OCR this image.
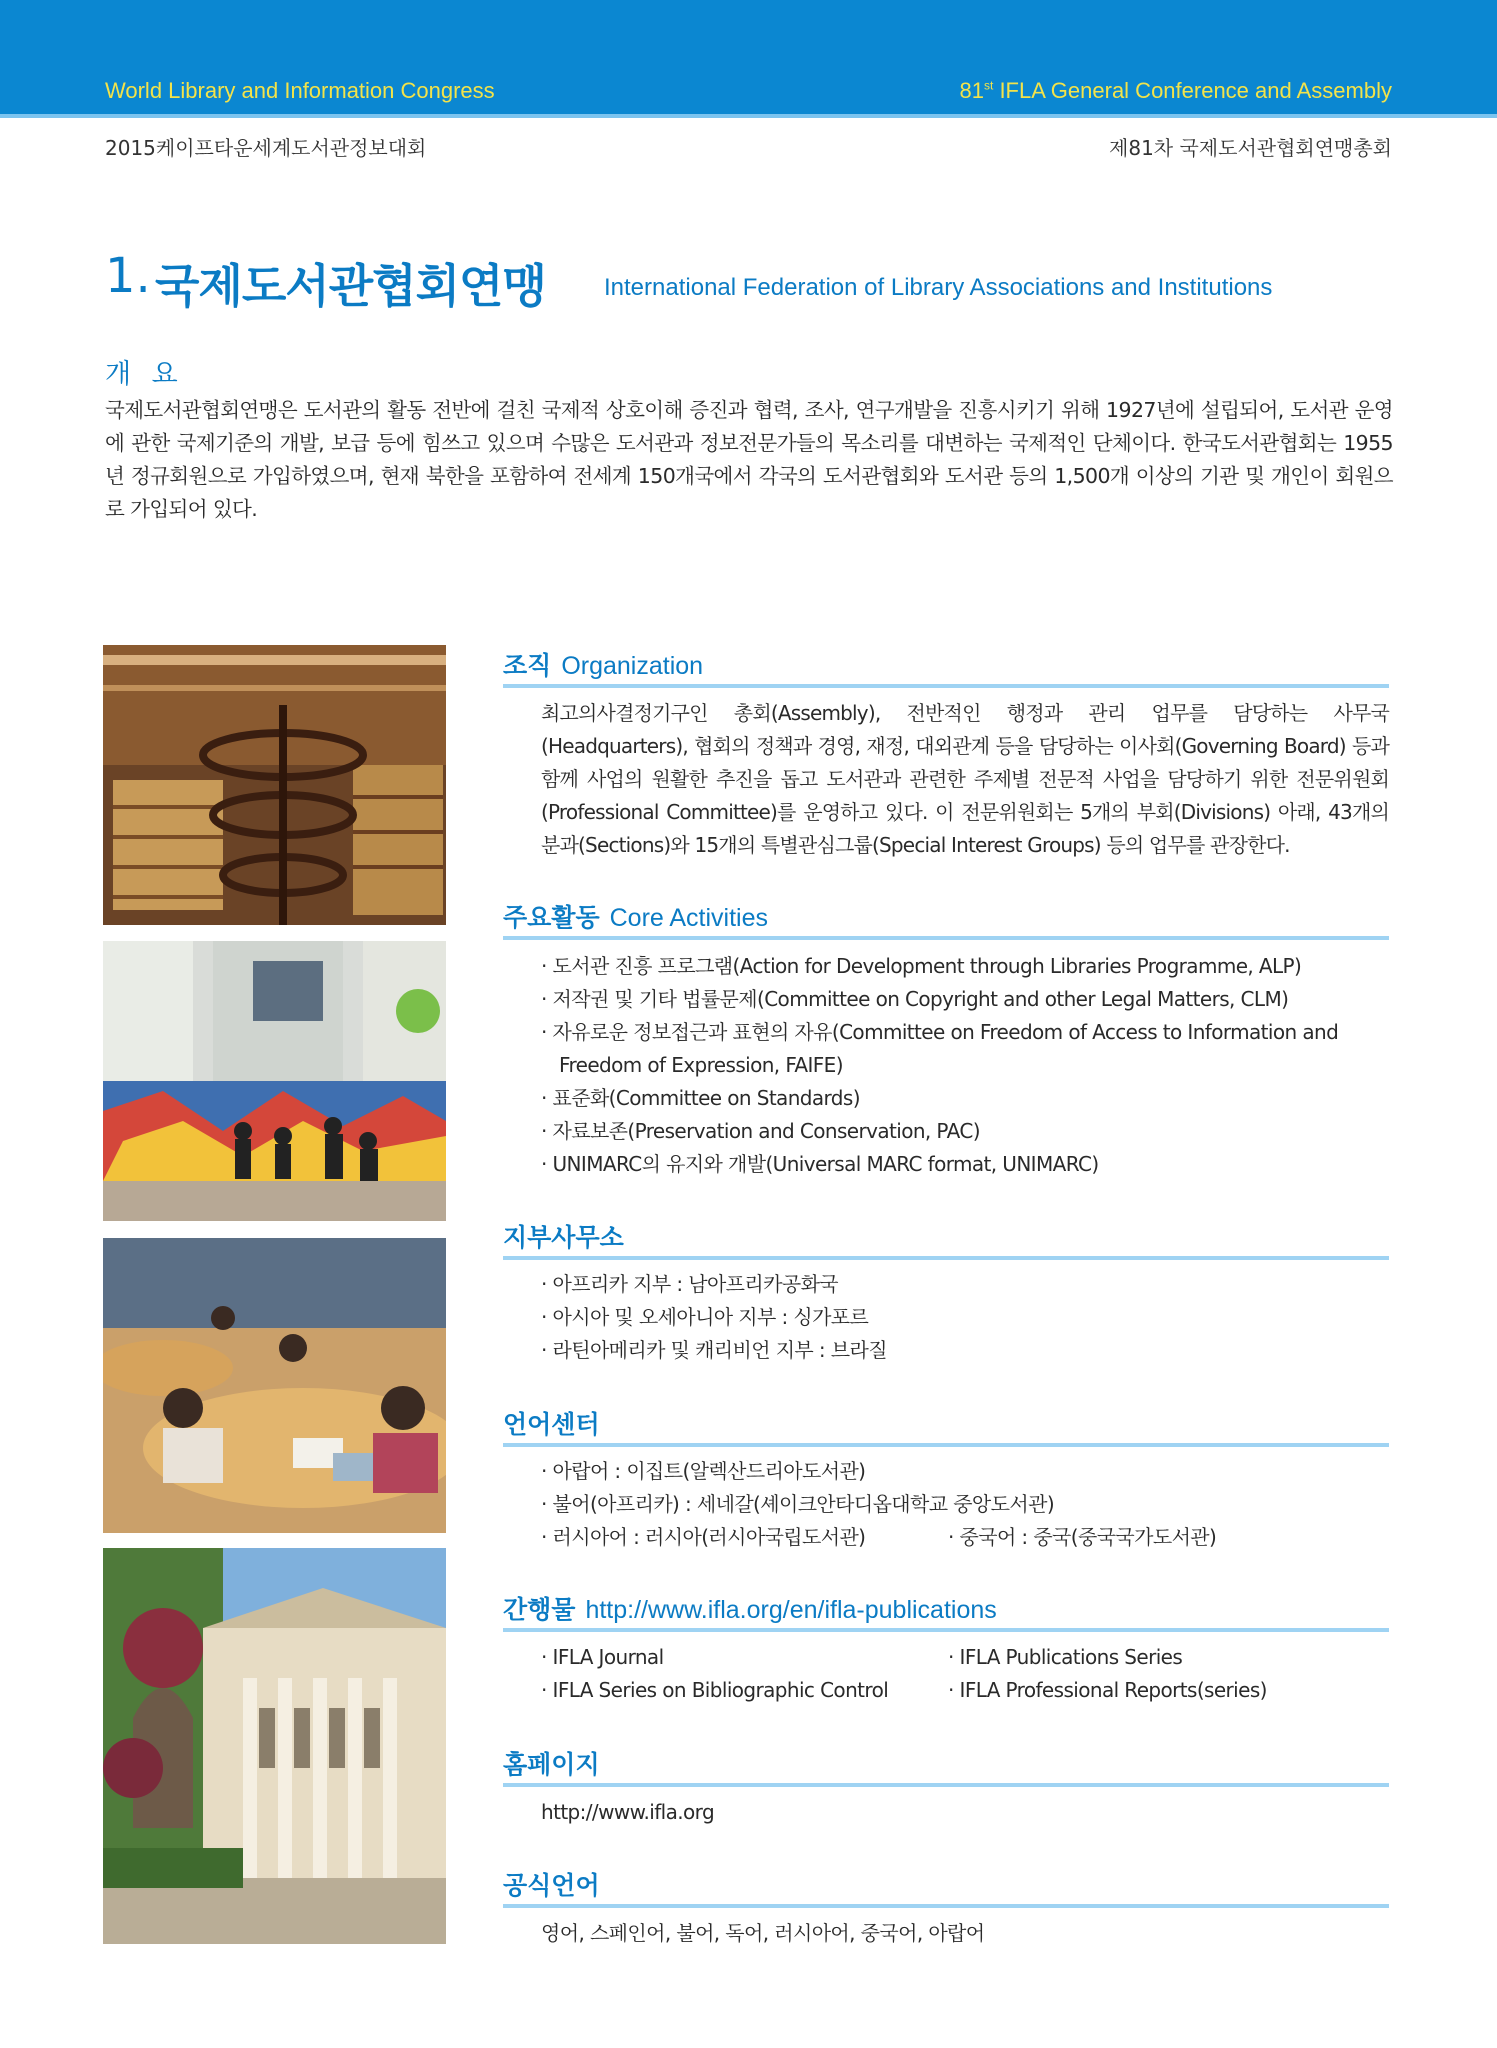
World Library and Information Congress	81st IFLA General Conference and Assembly
2015케이프타운세계도서관정보대회	제81차 국제도서관협회연맹총회
1. 국제도서관협회연맹 International Federation of Library Associations and Institutions
개 요
국제도서관협회연맹은 도서관의 활동 전반에 걸친 국제적 상호이해 증진과 협력, 조사, 연구개발을 진흥시키기 위해 1927년에 설립되어, 도서관 운영에 관한 국제기준의 개발, 보급 등에 힘쓰고 있으며 수많은 도서관과 정보전문가들의 목소리를 대변하는 국제적인 단체이다. 한국도서관협회는 1955년 정규회원으로 가입하였으며, 현재 북한을 포함하여 전세계 150개국에서 각국의 도서관협회와 도서관 등의 1,500개 이상의 기관 및 개인이 회원으로 가입되어 있다.
조직 Organization
최고의사결정기구인 총회(Assembly), 전반적인 행정과 관리 업무를 담당하는 사무국(Headquarters), 협회의 정책과 경영, 재정, 대외관계 등을 담당하는 이사회(Governing Board) 등과 함께 사업의 원활한 추진을 돕고 도서관과 관련한 주제별 전문적 사업을 담당하기 위한 전문위원회(Professional Committee)를 운영하고 있다. 이 전문위원회는 5개의 부회(Divisions) 아래, 43개의 분과(Sections)와 15개의 특별관심그룹(Special Interest Groups) 등의 업무를 관장한다.
주요활동 Core Activities
· 도서관 진흥 프로그램(Action for Development through Libraries Programme, ALP)
· 저작권 및 기타 법률문제(Committee on Copyright and other Legal Matters, CLM)
· 자유로운 정보접근과 표현의 자유(Committee on Freedom of Access to Information and
Freedom of Expression, FAIFE)
· 표준화(Committee on Standards)
· 자료보존(Preservation and Conservation, PAC)
· UNIMARC의 유지와 개발(Universal MARC format, UNIMARC)
지부사무소
· 아프리카 지부 : 남아프리카공화국
· 아시아 및 오세아니아 지부 : 싱가포르
· 라틴아메리카 및 캐리비언 지부 : 브라질
언어센터
· 아랍어 : 이집트(알렉산드리아도서관)
· 불어(아프리카) : 세네갈(셰이크안타디옵대학교 중앙도서관)
· 러시아어 : 러시아(러시아국립도서관)	· 중국어 : 중국(중국국가도서관)
간행물 http://www.ifla.org/en/ifla-publications
· IFLA Journal	· IFLA Publications Series
· IFLA Series on Bibliographic Control	· IFLA Professional Reports(series)
홈페이지
http://www.ifla.org
공식언어
영어, 스페인어, 불어, 독어, 러시아어, 중국어, 아랍어
